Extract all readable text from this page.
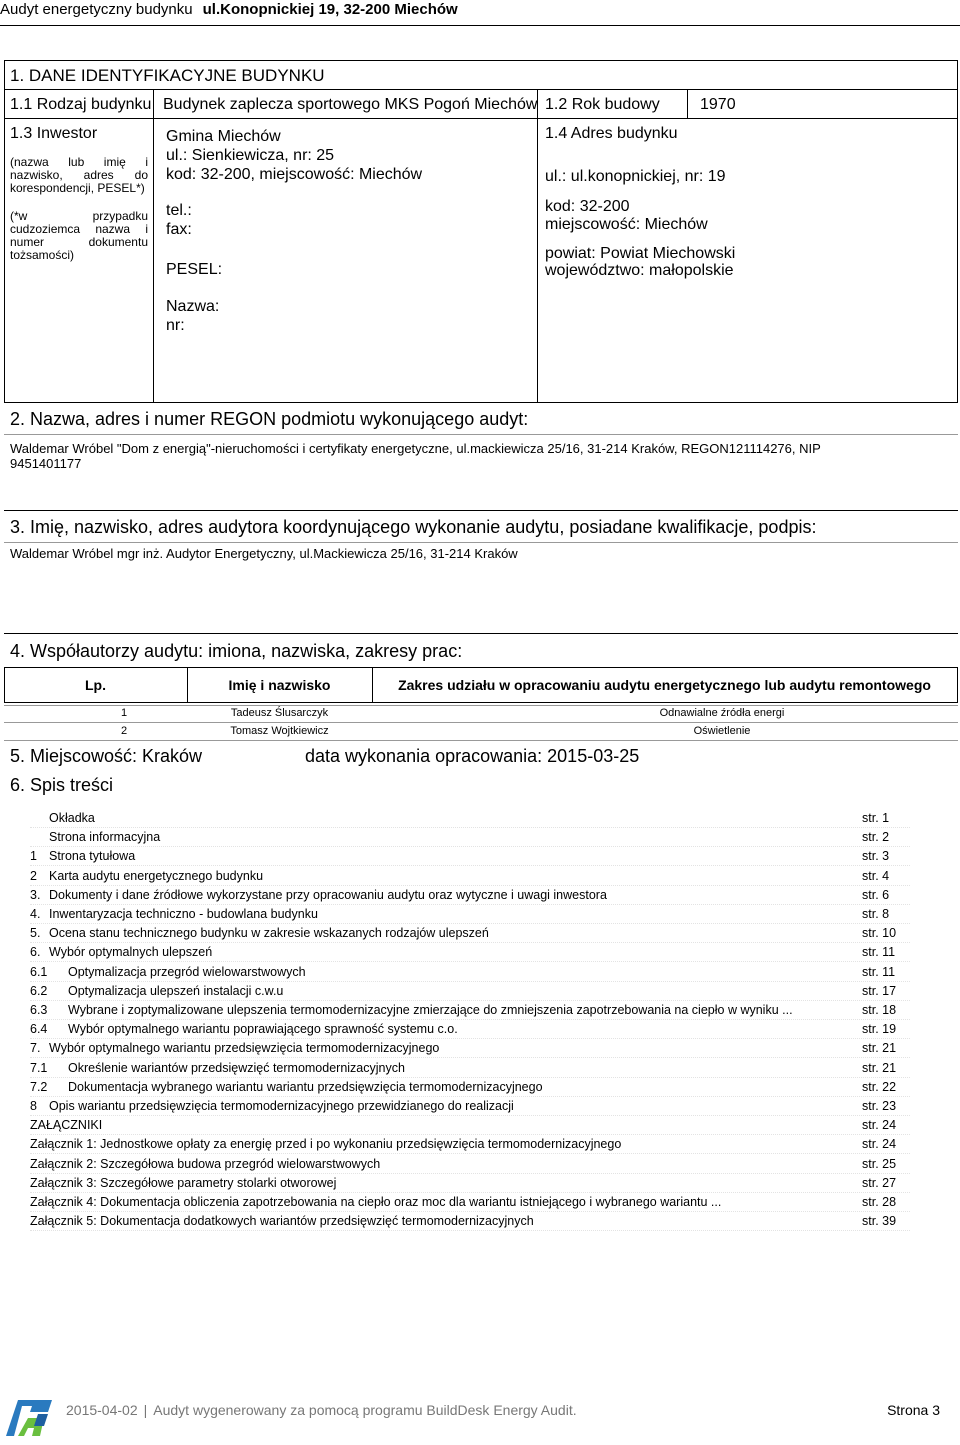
Audyt energetyczny budynku ul.Konopnickiej 19, 32-200 Miechów
1. DANE IDENTYFIKACYJNE BUDYNKU
1.1 Rodzaj budynku Budynek zaplecza sportowego MKS Pogoń Miechów 1.2 Rok budowy	1970
1.3 Inwestor
(nazwa lub imię i nazwisko, adres do korespondencji, PESEL*)
(*w przypadku cudzoziemca nazwa i numer dokumentu tożsamości)
Gmina Miechów
ul.: Sienkiewicza, nr: 25
kod: 32-200, miejscowość: Miechów
tel.:
fax:
PESEL:
Nazwa:
nr:
1.4 Adres budynku
ul.: ul.konopnickiej, nr: 19
kod: 32-200
miejscowość: Miechów
powiat: Powiat Miechowski
województwo: małopolskie
2. Nazwa, adres i numer REGON podmiotu wykonującego audyt:
Waldemar Wróbel "Dom z energią"-nieruchomości i certyfikaty energetyczne, ul.mackiewicza 25/16, 31-214 Kraków, REGON121114276, NIP
9451401177
3. Imię, nazwisko, adres audytora koordynującego wykonanie audytu, posiadane kwalifikacje, podpis:
Waldemar Wróbel mgr inż. Audytor Energetyczny, ul.Mackiewicza 25/16, 31-214 Kraków
4. Współautorzy audytu: imiona, nazwiska, zakresy prac:
Lp.	Imię i nazwisko	Zakres udziału w opracowaniu audytu energetycznego lub audytu remontowego
1	Tadeusz Ślusarczyk	Odnawialne źródła energi
2	Tomasz Wojtkiewicz	Oświetlenie
5. Miejscowość: Kraków	data wykonania opracowania: 2015-03-25
6. Spis treści
Okładka	str. 1
Strona informacyjna	str. 2
1 Strona tytułowa	str. 3
2 Karta audytu energetycznego budynku	str. 4
3. Dokumenty i dane źródłowe wykorzystane przy opracowaniu audytu oraz wytyczne i uwagi inwestora	str. 6
4. Inwentaryzacja techniczno - budowlana budynku	str. 8
5. Ocena stanu technicznego budynku w zakresie wskazanych rodzajów ulepszeń	str. 10
6. Wybór optymalnych ulepszeń	str. 11
6.1 Optymalizacja przegród wielowarstwowych	str. 11
6.2 Optymalizacja ulepszeń instalacji c.w.u	str. 17
6.3 Wybrane i zoptymalizowane ulepszenia termomodernizacyjne zmierzające do zmniejszenia zapotrzebowania na ciepło w wyniku ...	str. 18
6.4 Wybór optymalnego wariantu poprawiającego sprawność systemu c.o.	str. 19
7. Wybór optymalnego wariantu przedsięwzięcia termomodernizacyjnego	str. 21
7.1 Określenie wariantów przedsięwzięć termomodernizacyjnych	str. 21
7.2 Dokumentacja wybranego wariantu wariantu przedsięwzięcia termomodernizacyjnego	str. 22
8 Opis wariantu przedsięwzięcia termomodernizacyjnego przewidzianego do realizacji	str. 23
ZAŁĄCZNIKI	str. 24
Załącznik 1: Jednostkowe opłaty za energię przed i po wykonaniu przedsięwzięcia termomodernizacyjnego	str. 24
Załącznik 2: Szczegółowa budowa przegród wielowarstwowych	str. 25
Załącznik 3: Szczegółowe parametry stolarki otworowej	str. 27
Załącznik 4: Dokumentacja obliczenia zapotrzebowania na ciepło oraz moc dla wariantu istniejącego i wybranego wariantu ...	str. 28
Załącznik 5: Dokumentacja dodatkowych wariantów przedsięwzięć termomodernizacyjnych	str. 39
2015-04-02 | Audyt wygenerowany za pomocą programu BuildDesk Energy Audit.	Strona 3
